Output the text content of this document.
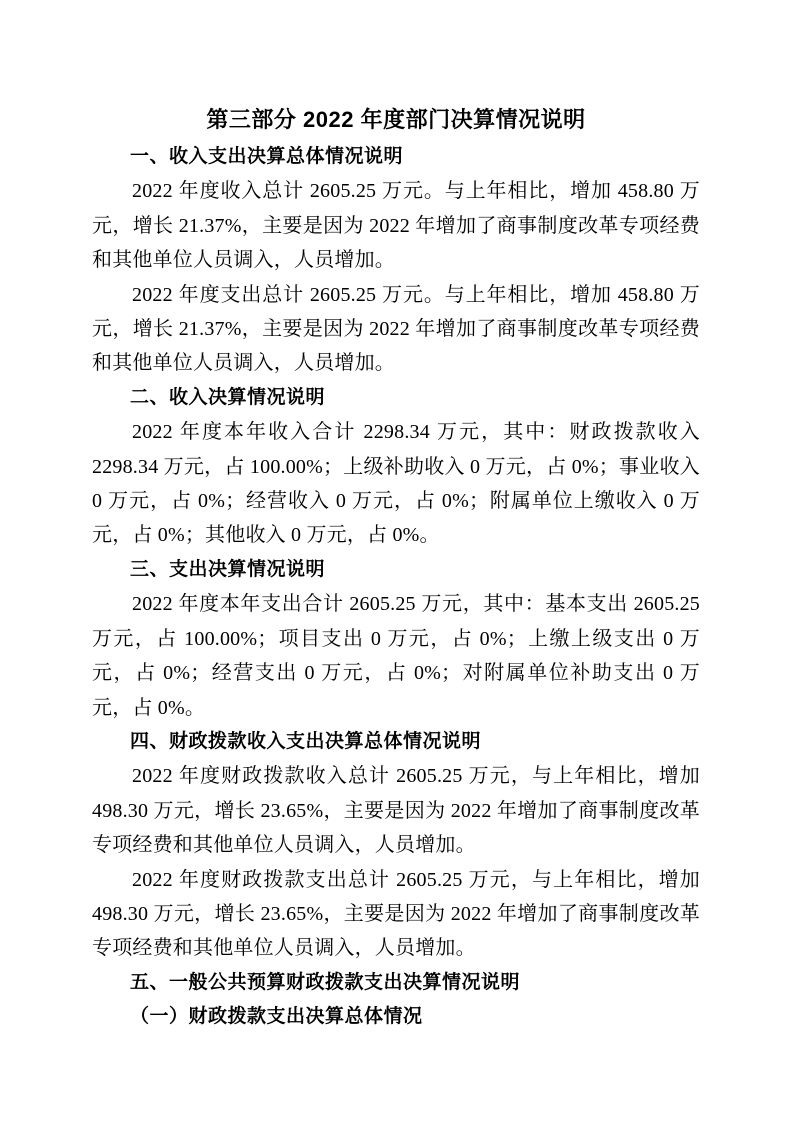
第三部分 2022 年度部门决算情况说明
一、收入支出决算总体情况说明

2022 年度收入总计 2605.25 万元。与上年相比，增加 458.80 万元，增长 21.37%，主要是因为 2022 年增加了商事制度改革专项经费和其他单位人员调入，人员增加。

2022 年度支出总计 2605.25 万元。与上年相比，增加 458.80 万元，增长 21.37%，主要是因为 2022 年增加了商事制度改革专项经费和其他单位人员调入，人员增加。

二、收入决算情况说明

2022 年度本年收入合计 2298.34 万元，其中：财政拨款收入 2298.34 万元，占 100.00%；上级补助收入 0 万元，占 0%；事业收入 0 万元，占 0%；经营收入 0 万元，占 0%；附属单位上缴收入 0 万元，占 0%；其他收入 0 万元，占 0%。

三、支出决算情况说明

2022 年度本年支出合计 2605.25 万元，其中：基本支出 2605.25 万元，占 100.00%；项目支出 0 万元，占 0%；上缴上级支出 0 万元，占 0%；经营支出 0 万元，占 0%；对附属单位补助支出 0 万元，占 0%。

四、财政拨款收入支出决算总体情况说明

2022 年度财政拨款收入总计 2605.25 万元，与上年相比，增加 498.30 万元，增长 23.65%，主要是因为 2022 年增加了商事制度改革专项经费和其他单位人员调入，人员增加。

2022 年度财政拨款支出总计 2605.25 万元，与上年相比，增加 498.30 万元，增长 23.65%，主要是因为 2022 年增加了商事制度改革专项经费和其他单位人员调入，人员增加。

五、一般公共预算财政拨款支出决算情况说明
（一）财政拨款支出决算总体情况
